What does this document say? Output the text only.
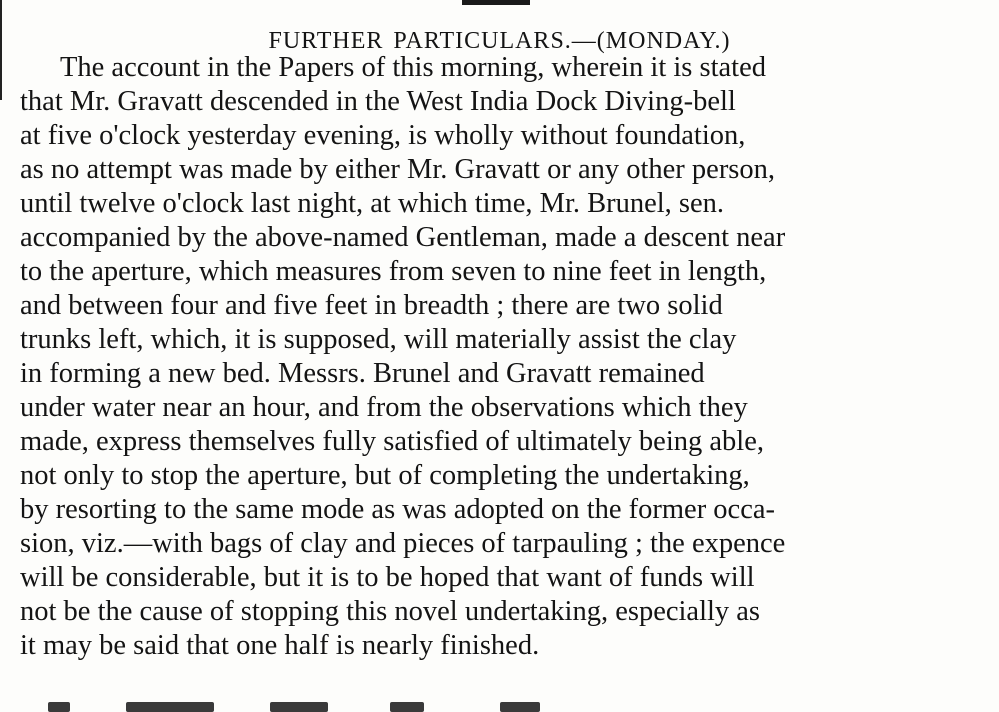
FURTHER PARTICULARS.—(MONDAY.)
The account in the Papers of this morning, wherein it is stated
that Mr. Gravatt descended in the West India Dock Diving-bell
at five o'clock yesterday evening, is wholly without foundation,
as no attempt was made by either Mr. Gravatt or any other person,
until twelve o'clock last night, at which time, Mr. Brunel, sen.
accompanied by the above-named Gentleman, made a descent near
to the aperture, which measures from seven to nine feet in length,
and between four and five feet in breadth ; there are two solid
trunks left, which, it is supposed, will materially assist the clay
in forming a new bed. Messrs. Brunel and Gravatt remained
under water near an hour, and from the observations which they
made, express themselves fully satisfied of ultimately being able,
not only to stop the aperture, but of completing the undertaking,
by resorting to the same mode as was adopted on the former occa-
sion, viz.—with bags of clay and pieces of tarpauling ; the expence
will be considerable, but it is to be hoped that want of funds will
not be the cause of stopping this novel undertaking, especially as
it may be said that one half is nearly finished.
